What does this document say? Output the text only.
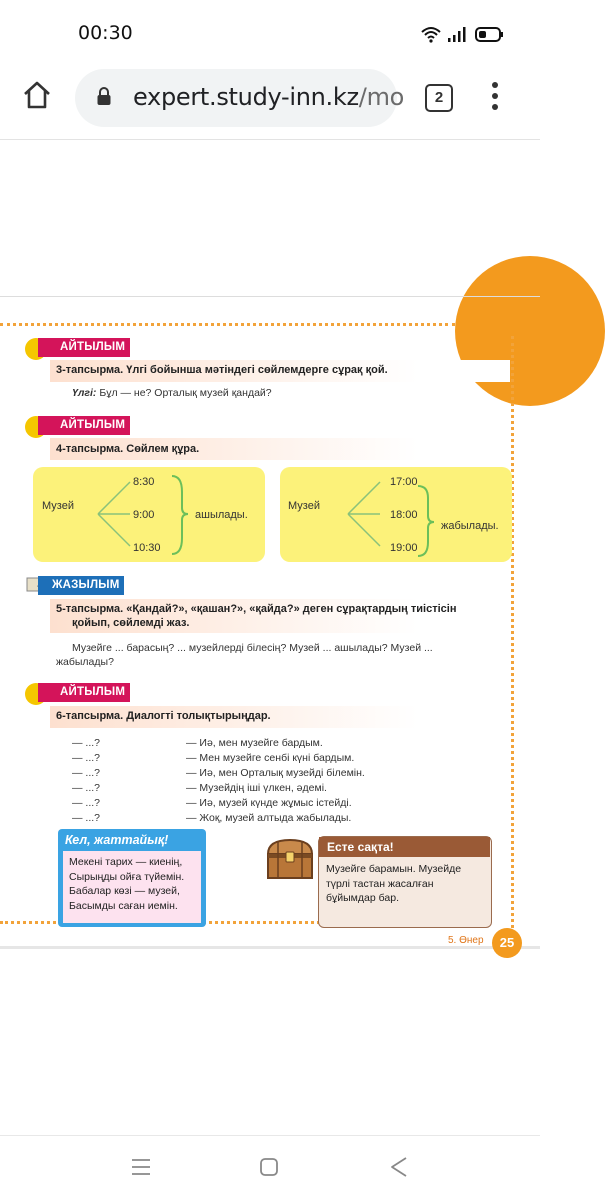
00:30
expert.study-inn.kz/mo	2
АЙТЫЛЫМ
3-тапсырма. Үлгі бойынша мәтіндегі сөйлемдерге сұрақ қой.
Үлгі: Бұл — не? Орталық музей қандай?
АЙТЫЛЫМ
4-тапсырма. Сөйлем құра.
Музей
8:30
9:00
10:30
ашылады.
Музей
17:00
18:00
19:00
жабылады.
ЖАЗЫЛЫМ
5-тапсырма. «Қандай?», «қашан?», «қайда?» деген сұрақтардың тиістісін
қойып, сөйлемді жаз.
Музейге ... барасың? ... музейлерді білесің? Музей ... ашылады? Музей ...
жабылады?
АЙТЫЛЫМ
6-тапсырма. Диалогті толықтырыңдар.
— ...?
— ...?
— ...?
— ...?
— ...?
— ...?
— Иә, мен музейге бардым.
— Мен музейге сенбі күні бардым.
— Иә, мен Орталық музейді білемін.
— Музейдің іші үлкен, әдемі.
— Иә, музей күнде жұмыс істейді.
— Жоқ, музей алтыда жабылады.
Кел, жаттайық!
Мекені тарих — киенің,
Сырыңды ойға түйемін.
Бабалар көзі — музей,
Басымды саған иемін.
Есте сақта!
Музейге барамын. Музейде
түрлі тастан жасалған
бұйымдар бар.
5. Өнер	25
